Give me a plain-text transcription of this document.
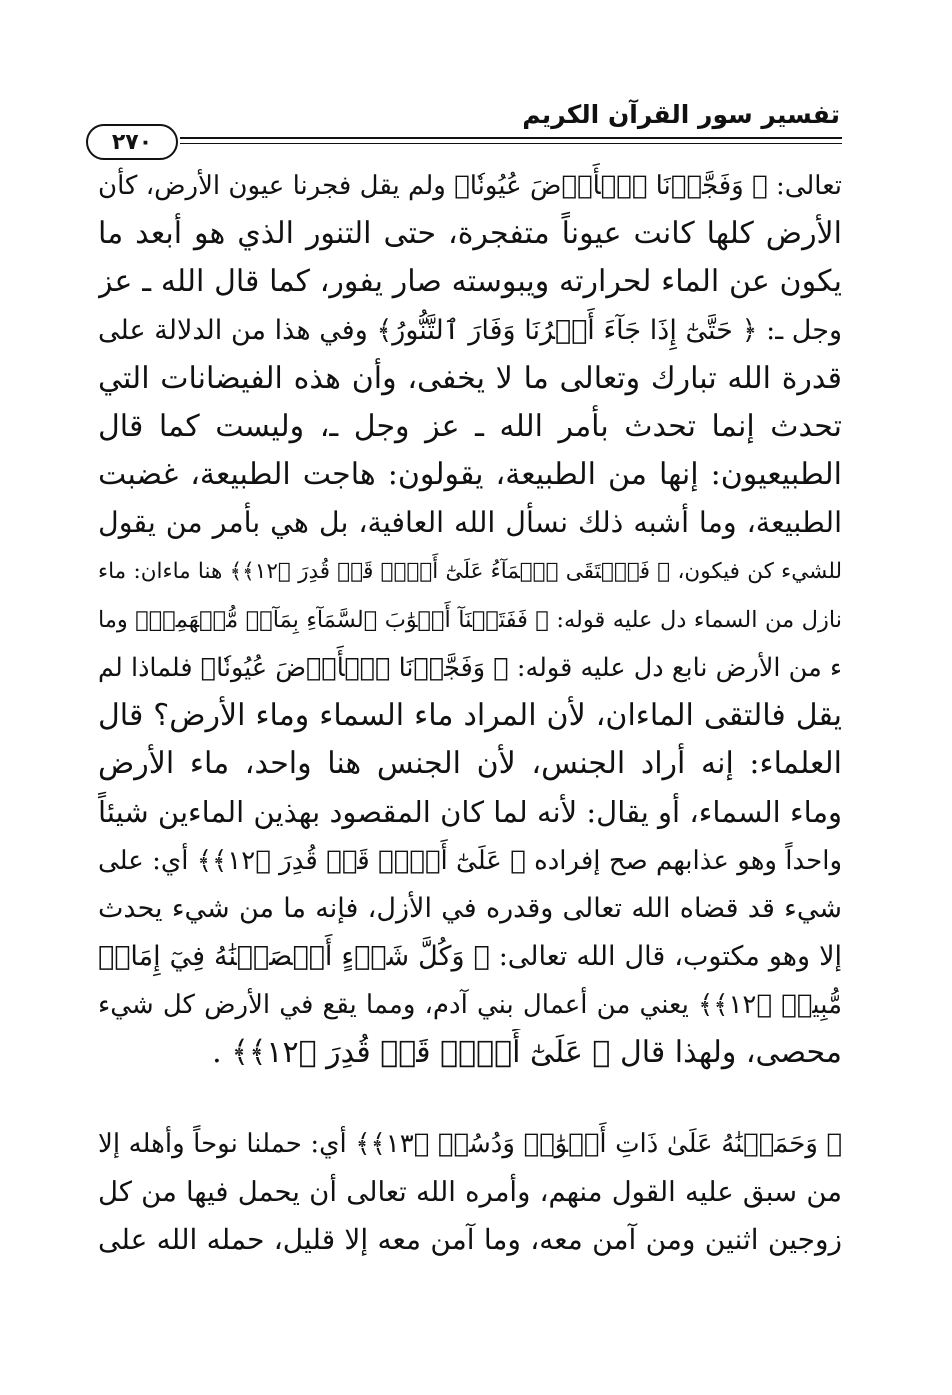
تفسير سور القرآن الكريم
٢٧٠
تعالى: ﴿ وَفَجَّرۡنَا ٱلۡأَرۡضَ عُيُونٗا﴾ ولم يقل فجرنا عيون الأرض، كأن
الأرض كلها كانت عيوناً متفجرة، حتى التنور الذي هو أبعد ما
يكون عن الماء لحرارته ويبوسته صار يفور، كما قال الله ـ عز
وجل ـ: ﴿ حَتَّىٰٓ إِذَا جَآءَ أَمۡرُنَا وَفَارَ ٱلتَّنُّورُ﴾ وفي هذا من الدلالة على
قدرة الله تبارك وتعالى ما لا يخفى، وأن هذه الفيضانات التي
تحدث إنما تحدث بأمر الله ـ عز وجل ـ، وليست كما قال
الطبيعيون: إنها من الطبيعة، يقولون: هاجت الطبيعة، غضبت
الطبيعة، وما أشبه ذلك نسأل الله العافية، بل هي بأمر من يقول
للشيء كن فيكون، ﴿ فَٱلۡتَقَى ٱلۡمَآءُ عَلَىٰٓ أَمۡرٖ قَدۡ قُدِرَ ﴿١٢﴾﴾ هنا ماءان: ماء
نازل من السماء دل عليه قوله: ﴿ فَفَتَحۡنَآ أَبۡوَٰبَ ٱلسَّمَآءِ بِمَآءٖ مُّنۡهَمِرٖ﴾ وما
ء من الأرض نابع دل عليه قوله: ﴿ وَفَجَّرۡنَا ٱلۡأَرۡضَ عُيُونٗا﴾ فلماذا لم
يقل فالتقى الماءان، لأن المراد ماء السماء وماء الأرض؟ قال
العلماء: إنه أراد الجنس، لأن الجنس هنا واحد، ماء الأرض
وماء السماء، أو يقال: لأنه لما كان المقصود بهذين الماءين شيئاً
واحداً وهو عذابهم صح إفراده ﴿ عَلَىٰٓ أَمۡرٖ قَدۡ قُدِرَ ﴿١٢﴾﴾ أي: على
شيء قد قضاه الله تعالى وقدره في الأزل، فإنه ما من شيء يحدث
إلا وهو مكتوب، قال الله تعالى: ﴿ وَكُلَّ شَيۡءٍ أَحۡصَيۡنَٰهُ فِيٓ إِمَامٖ
مُّبِينٖ ﴿١٢﴾﴾ يعني من أعمال بني آدم، ومما يقع في الأرض كل شيء
محصى، ولهذا قال ﴿ عَلَىٰٓ أَمۡرٖ قَدۡ قُدِرَ ﴿١٢﴾﴾ .
﴿ وَحَمَلۡنَٰهُ عَلَىٰ ذَاتِ أَلۡوَٰحٖ وَدُسُرٖ ﴿١٣﴾﴾ أي: حملنا نوحاً وأهله إلا
من سبق عليه القول منهم، وأمره الله تعالى أن يحمل فيها من كل
زوجين اثنين ومن آمن معه، وما آمن معه إلا قليل، حمله الله على
